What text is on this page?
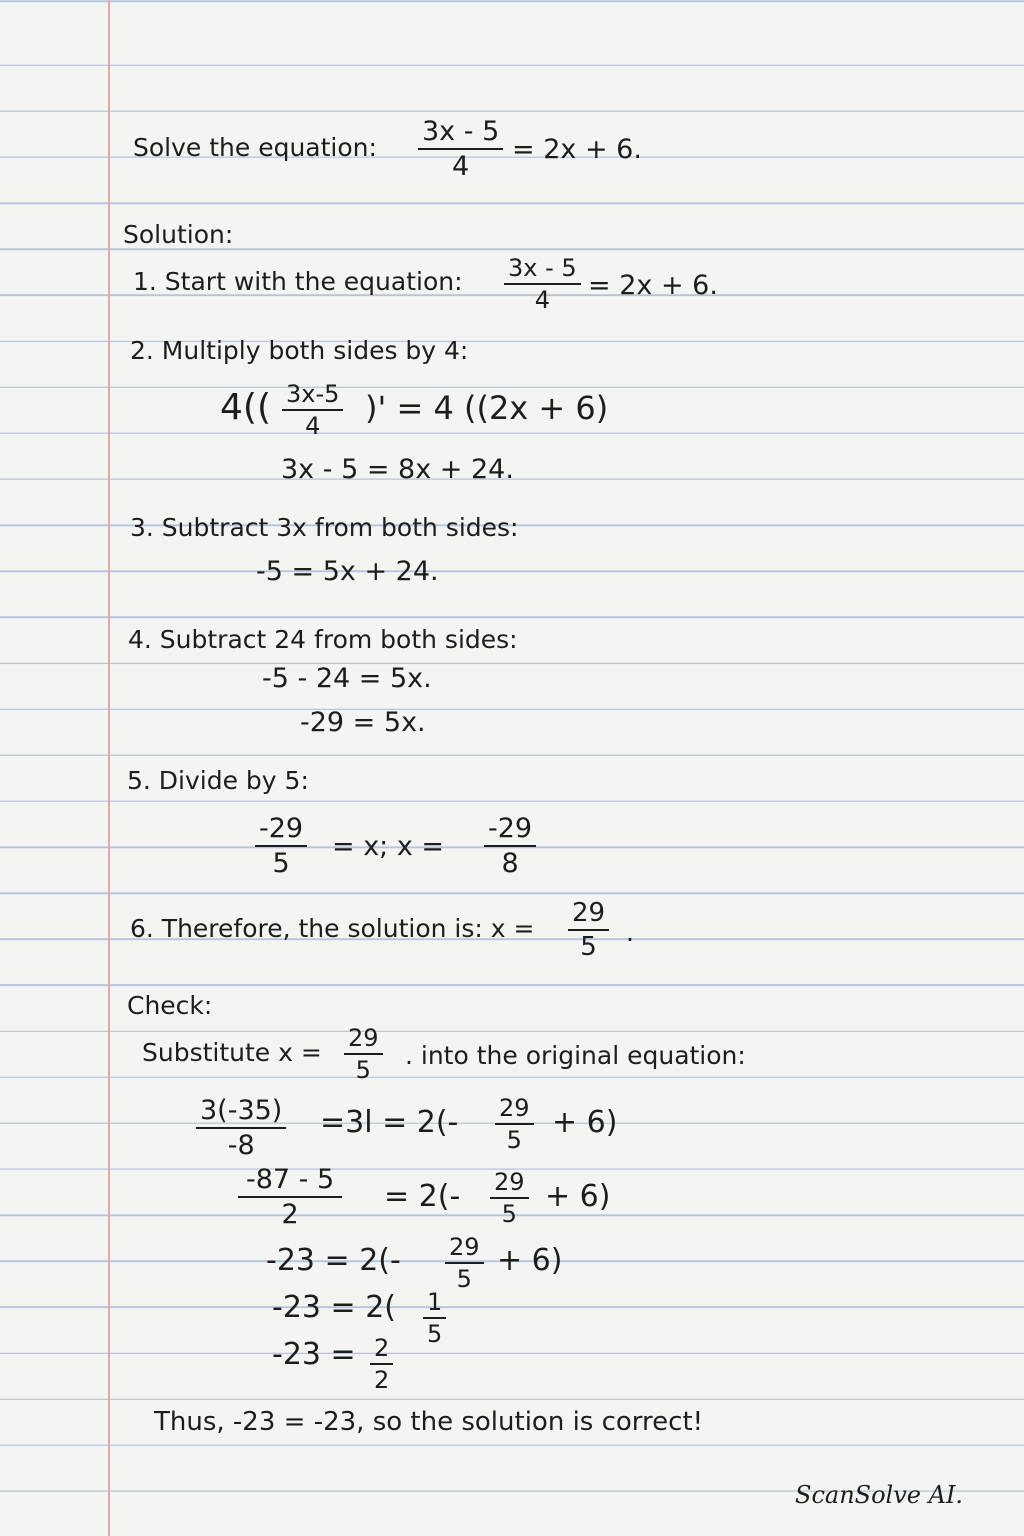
Solve the equation: $\frac{3x - 5}{4} = 2x + 6$.
Solution:
1. Start with the equation: $\frac{3x - 5}{4} = 2x + 6$.
2. Multiply both sides by 4:
$4(( \frac{3x-5}{4}$ )' = 4 ((2x + 6)
3x - 5 = 8x + 24.
3. Subtract 3x from both sides:
-5 = 5x + 24.
4. Subtract 24 from both sides:
-5 - 24 = 5x.
-29 = 5x.
5. Divide by 5:
$\frac{-29}{5} = x$; $x = \frac{-29}{8}$
6. Therefore, the solution is: $x = \frac{29}{5}$ .
Check:
Substitute $x = \frac{29}{5}$ . into the original equation:
$\frac{3(-35)}{-8} =3l = 2(- \frac{29}{5} + 6)$
$\frac{-87 - 5}{2} = 2(- \frac{29}{5} + 6)$
$-23 = 2(- \frac{29}{5} + 6)$
$-23 = 2( \frac{1}{5}$
$-23 = \frac{2}{2}$
Thus, -23 = -23, so the solution is correct!
ScanSolve AI.
